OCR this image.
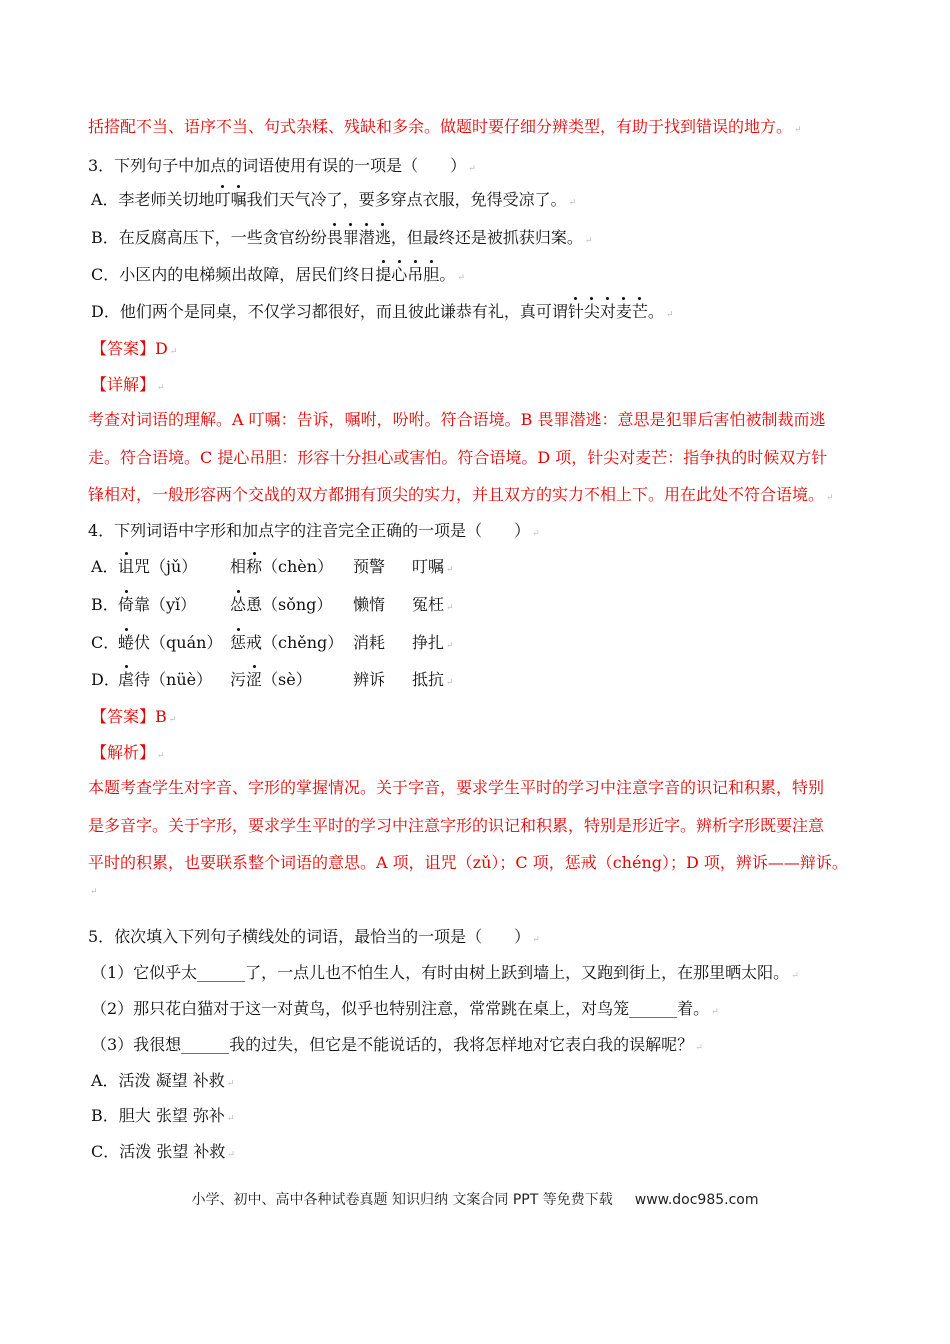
括搭配不当、语序不当、句式杂糅、残缺和多余。做题时要仔细分辨类型，有助于找到错误的地方。 ↵
3．下列句子中加点的词语使用有误的一项是（　　） ↵
A．李老师关切地叮嘱我们天气冷了，要多穿点衣服，免得受凉了。 ↵
B．在反腐高压下，一些贪官纷纷畏罪潜逃，但最终还是被抓获归案。 ↵
C．小区内的电梯频出故障，居民们终日提心吊胆。 ↵
D．他们两个是同桌，不仅学习都很好，而且彼此谦恭有礼，真可谓针尖对麦芒。 ↵
【答案】D ↵
【详解】 ↵
考查对词语的理解。A 叮嘱：告诉，嘱咐，吩咐。符合语境。B 畏罪潜逃：意思是犯罪后害怕被制裁而逃
走。符合语境。C 提心吊胆：形容十分担心或害怕。符合语境。D 项，针尖对麦芒：指争执的时候双方针
锋相对，一般形容两个交战的双方都拥有顶尖的实力，并且双方的实力不相上下。用在此处不符合语境。 ↵
4．下列词语中字形和加点字的注音完全正确的一项是（　　） ↵
A． 诅咒（jǔ） 相称（chèn） 预警 叮嘱 ↵
B． 倚靠（yǐ） 怂恿（sǒng） 懒惰 冤枉 ↵
C．
蜷伏（quán） 惩戒（chěng） 消耗 挣扎 ↵
D．
虐待（nüè） 污涩（sè）	辨诉 抵抗 ↵
【答案】B ↵
【解析】 ↵
本题考查学生对字音、字形的掌握情况。关于字音，要求学生平时的学习中注意字音的识记和积累，特别
是多音字。关于字形，要求学生平时的学习中注意字形的识记和积累，特别是形近字。辨析字形既要注意
平时的积累，也要联系整个词语的意思。A 项，诅咒（zǔ）；C 项，惩戒（chéng）；D 项，辨诉——辩诉。
↵
5．依次填入下列句子横线处的词语，最恰当的一项是（　　） ↵
（1）它似乎太______了，一点儿也不怕生人，有时由树上跃到墙上，又跑到街上，在那里晒太阳。 ↵
（2）那只花白猫对于这一对黄鸟，似乎也特别注意，常常跳在桌上，对鸟笼______着。 ↵
（3）我很想______我的过失，但它是不能说话的，我将怎样地对它表白我的误解呢？ ↵
A．活泼 凝望 补救 ↵
B．胆大 张望 弥补 ↵
C．活泼 张望 补救 ↵
小学、初中、高中各种试卷真题 知识归纳 文案合同 PPT 等免费下载 www.doc985.com
